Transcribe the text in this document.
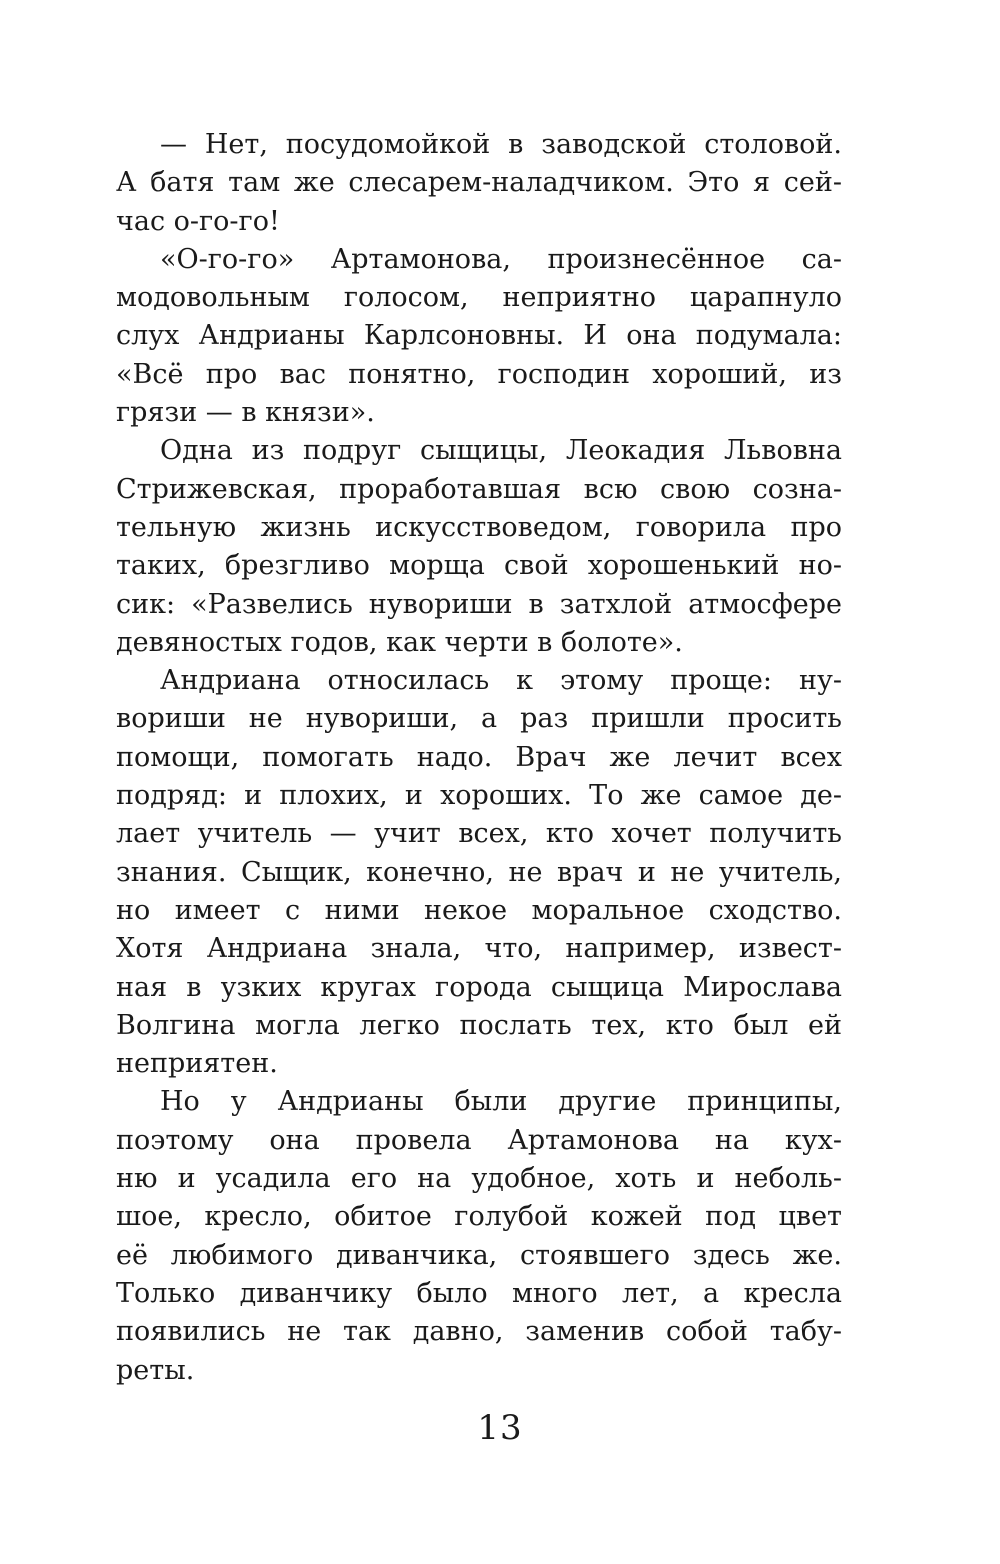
— Нет, посудомойкой в заводской столовой.
А батя там же слесарем-наладчиком. Это я сей-
час о-го-го!
«О-го-го» Артамонова, произнесённое са-
модовольным голосом, неприятно царапнуло
слух Андрианы Карлсоновны. И она подумала:
«Всё про вас понятно, господин хороший, из
грязи — в князи».
Одна из подруг сыщицы, Леокадия Львовна
Стрижевская, проработавшая всю свою созна-
тельную жизнь искусствоведом, говорила про
таких, брезгливо морща свой хорошенький но-
сик: «Развелись нувориши в затхлой атмосфере
девяностых годов, как черти в болоте».
Андриана относилась к этому проще: ну-
вориши не нувориши, а раз пришли просить
помощи, помогать надо. Врач же лечит всех
подряд: и плохих, и хороших. То же самое де-
лает учитель — учит всех, кто хочет получить
знания. Сыщик, конечно, не врач и не учитель,
но имеет с ними некое моральное сходство.
Хотя Андриана знала, что, например, извест-
ная в узких кругах города сыщица Мирослава
Волгина могла легко послать тех, кто был ей
неприятен.
Но у Андрианы были другие принципы,
поэтому она провела Артамонова на кух-
ню и усадила его на удобное, хоть и неболь-
шое, кресло, обитое голубой кожей под цвет
её любимого диванчика, стоявшего здесь же.
Только диванчику было много лет, а кресла
появились не так давно, заменив собой табу-
реты.
13
